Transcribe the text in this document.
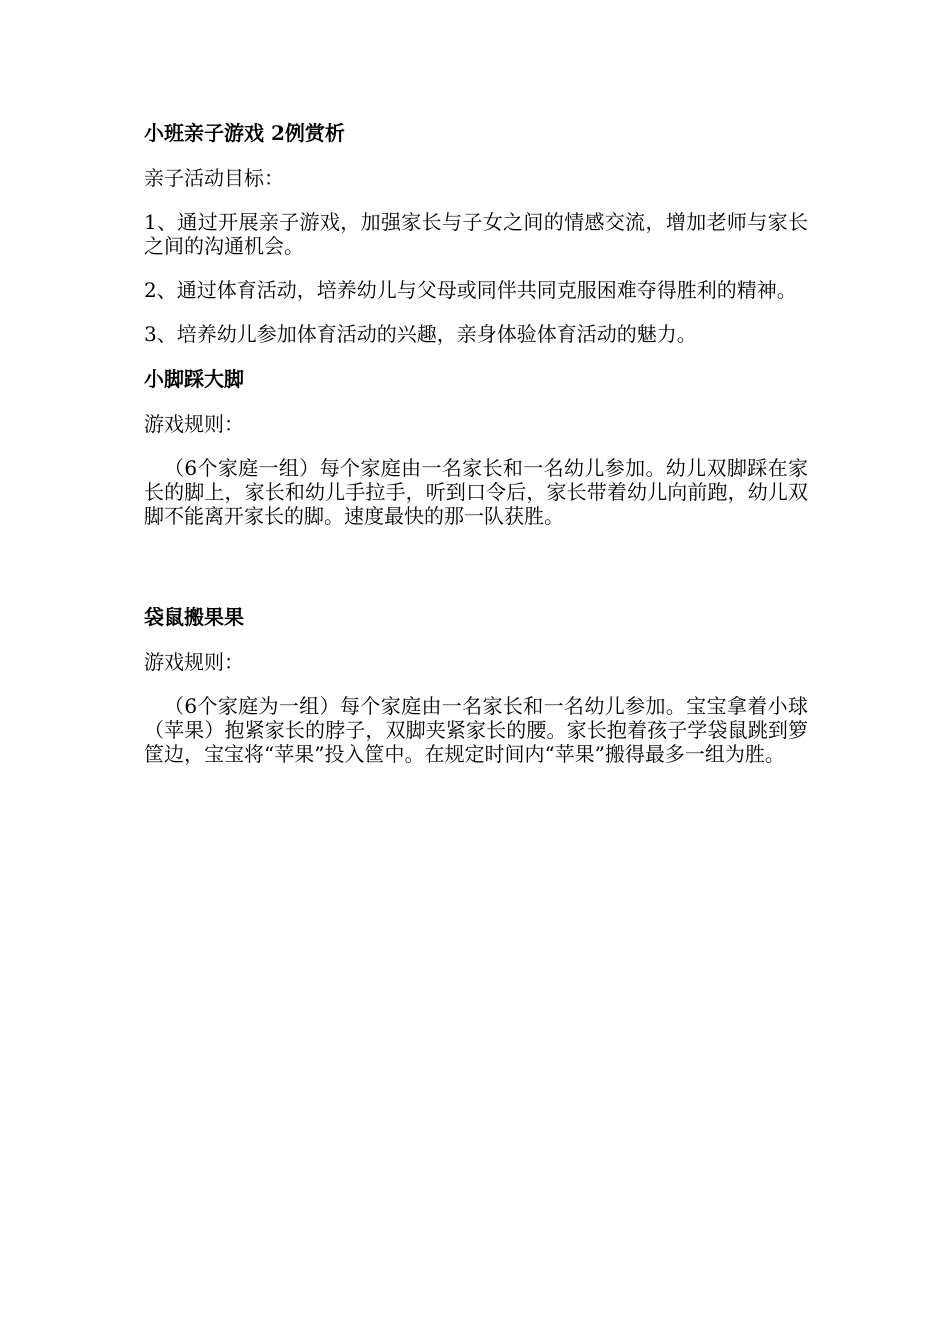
小班亲子游戏 2例赏析
亲子活动目标：
1、通过开展亲子游戏，加强家长与子女之间的情感交流，增加老师与家长之间的沟通机会。
2、通过体育活动，培养幼儿与父母或同伴共同克服困难夺得胜利的精神。
3、培养幼儿参加体育活动的兴趣，亲身体验体育活动的魅力。
小脚踩大脚
游戏规则：
（6个家庭一组）每个家庭由一名家长和一名幼儿参加。幼儿双脚踩在家长的脚上，家长和幼儿手拉手，听到口令后，家长带着幼儿向前跑，幼儿双脚不能离开家长的脚。速度最快的那一队获胜。
袋鼠搬果果
游戏规则：
（6个家庭为一组）每个家庭由一名家长和一名幼儿参加。宝宝拿着小球（苹果）抱紧家长的脖子，双脚夹紧家长的腰。家长抱着孩子学袋鼠跳到箩筐边，宝宝将“苹果”投入筐中。在规定时间内“苹果”搬得最多一组为胜。
